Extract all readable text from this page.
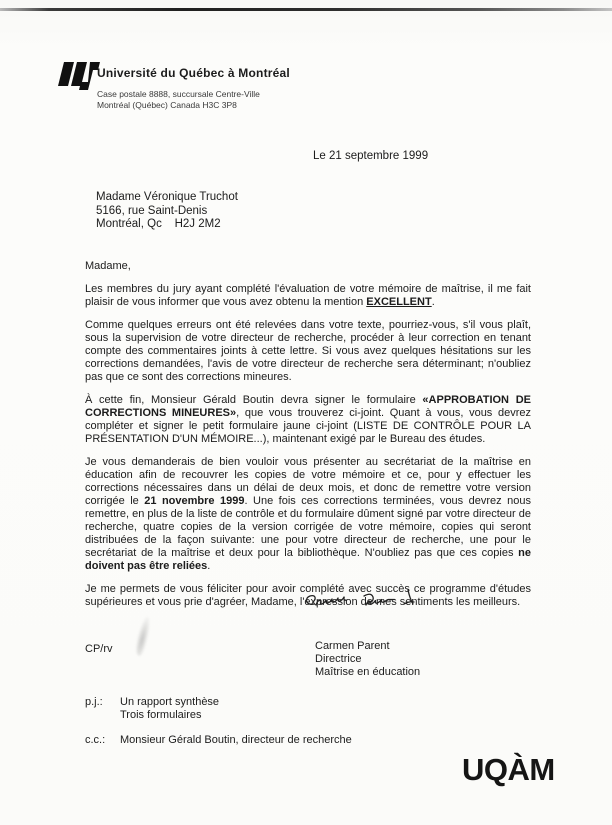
Université du Québec à Montréal
Case postale 8888, succursale Centre-Ville
Montréal (Québec) Canada H3C 3P8
Le 21 septembre 1999
Madame Véronique Truchot
5166, rue Saint-Denis
Montréal, Qc    H2J 2M2

Madame,

Les membres du jury ayant complété l'évaluation de votre mémoire de maîtrise, il me fait plaisir de vous informer que vous avez obtenu la mention EXCELLENT.

Comme quelques erreurs ont été relevées dans votre texte, pourriez-vous, s'il vous plaît, sous la supervision de votre directeur de recherche, procéder à leur correction en tenant compte des commentaires joints à cette lettre. Si vous avez quelques hésitations sur les corrections demandées, l'avis de votre directeur de recherche sera déterminant; n'oubliez pas que ce sont des corrections mineures.

À cette fin, Monsieur Gérald Boutin devra signer le formulaire «APPROBATION DE CORRECTIONS MINEURES», que vous trouverez ci-joint. Quant à vous, vous devrez compléter et signer le petit formulaire jaune ci-joint (LISTE DE CONTRÔLE POUR LA PRÉSENTATION D'UN MÉMOIRE...), maintenant exigé par le Bureau des études.

Je vous demanderais de bien vouloir vous présenter au secrétariat de la maîtrise en éducation afin de recouvrer les copies de votre mémoire et ce, pour y effectuer les corrections nécessaires dans un délai de deux mois, et donc de remettre votre version corrigée le 21 novembre 1999. Une fois ces corrections terminées, vous devrez nous remettre, en plus de la liste de contrôle et du formulaire dûment signé par votre directeur de recherche, quatre copies de la version corrigée de votre mémoire, copies qui seront distribuées de la façon suivante: une pour votre directeur de recherche, une pour le secrétariat de la maîtrise et deux pour la bibliothèque. N'oubliez pas que ces copies ne doivent pas être reliées.

Je me permets de vous féliciter pour avoir complété avec succès ce programme d'études supérieures et vous prie d'agréer, Madame, l'expression de mes sentiments les meilleurs.

CP/rv	Carmen Parent
Directrice
Maîtrise en éducation
p.j.: Un rapport synthèse
Trois formulaires
c.c.: Monsieur Gérald Boutin, directeur de recherche
UQÀM
